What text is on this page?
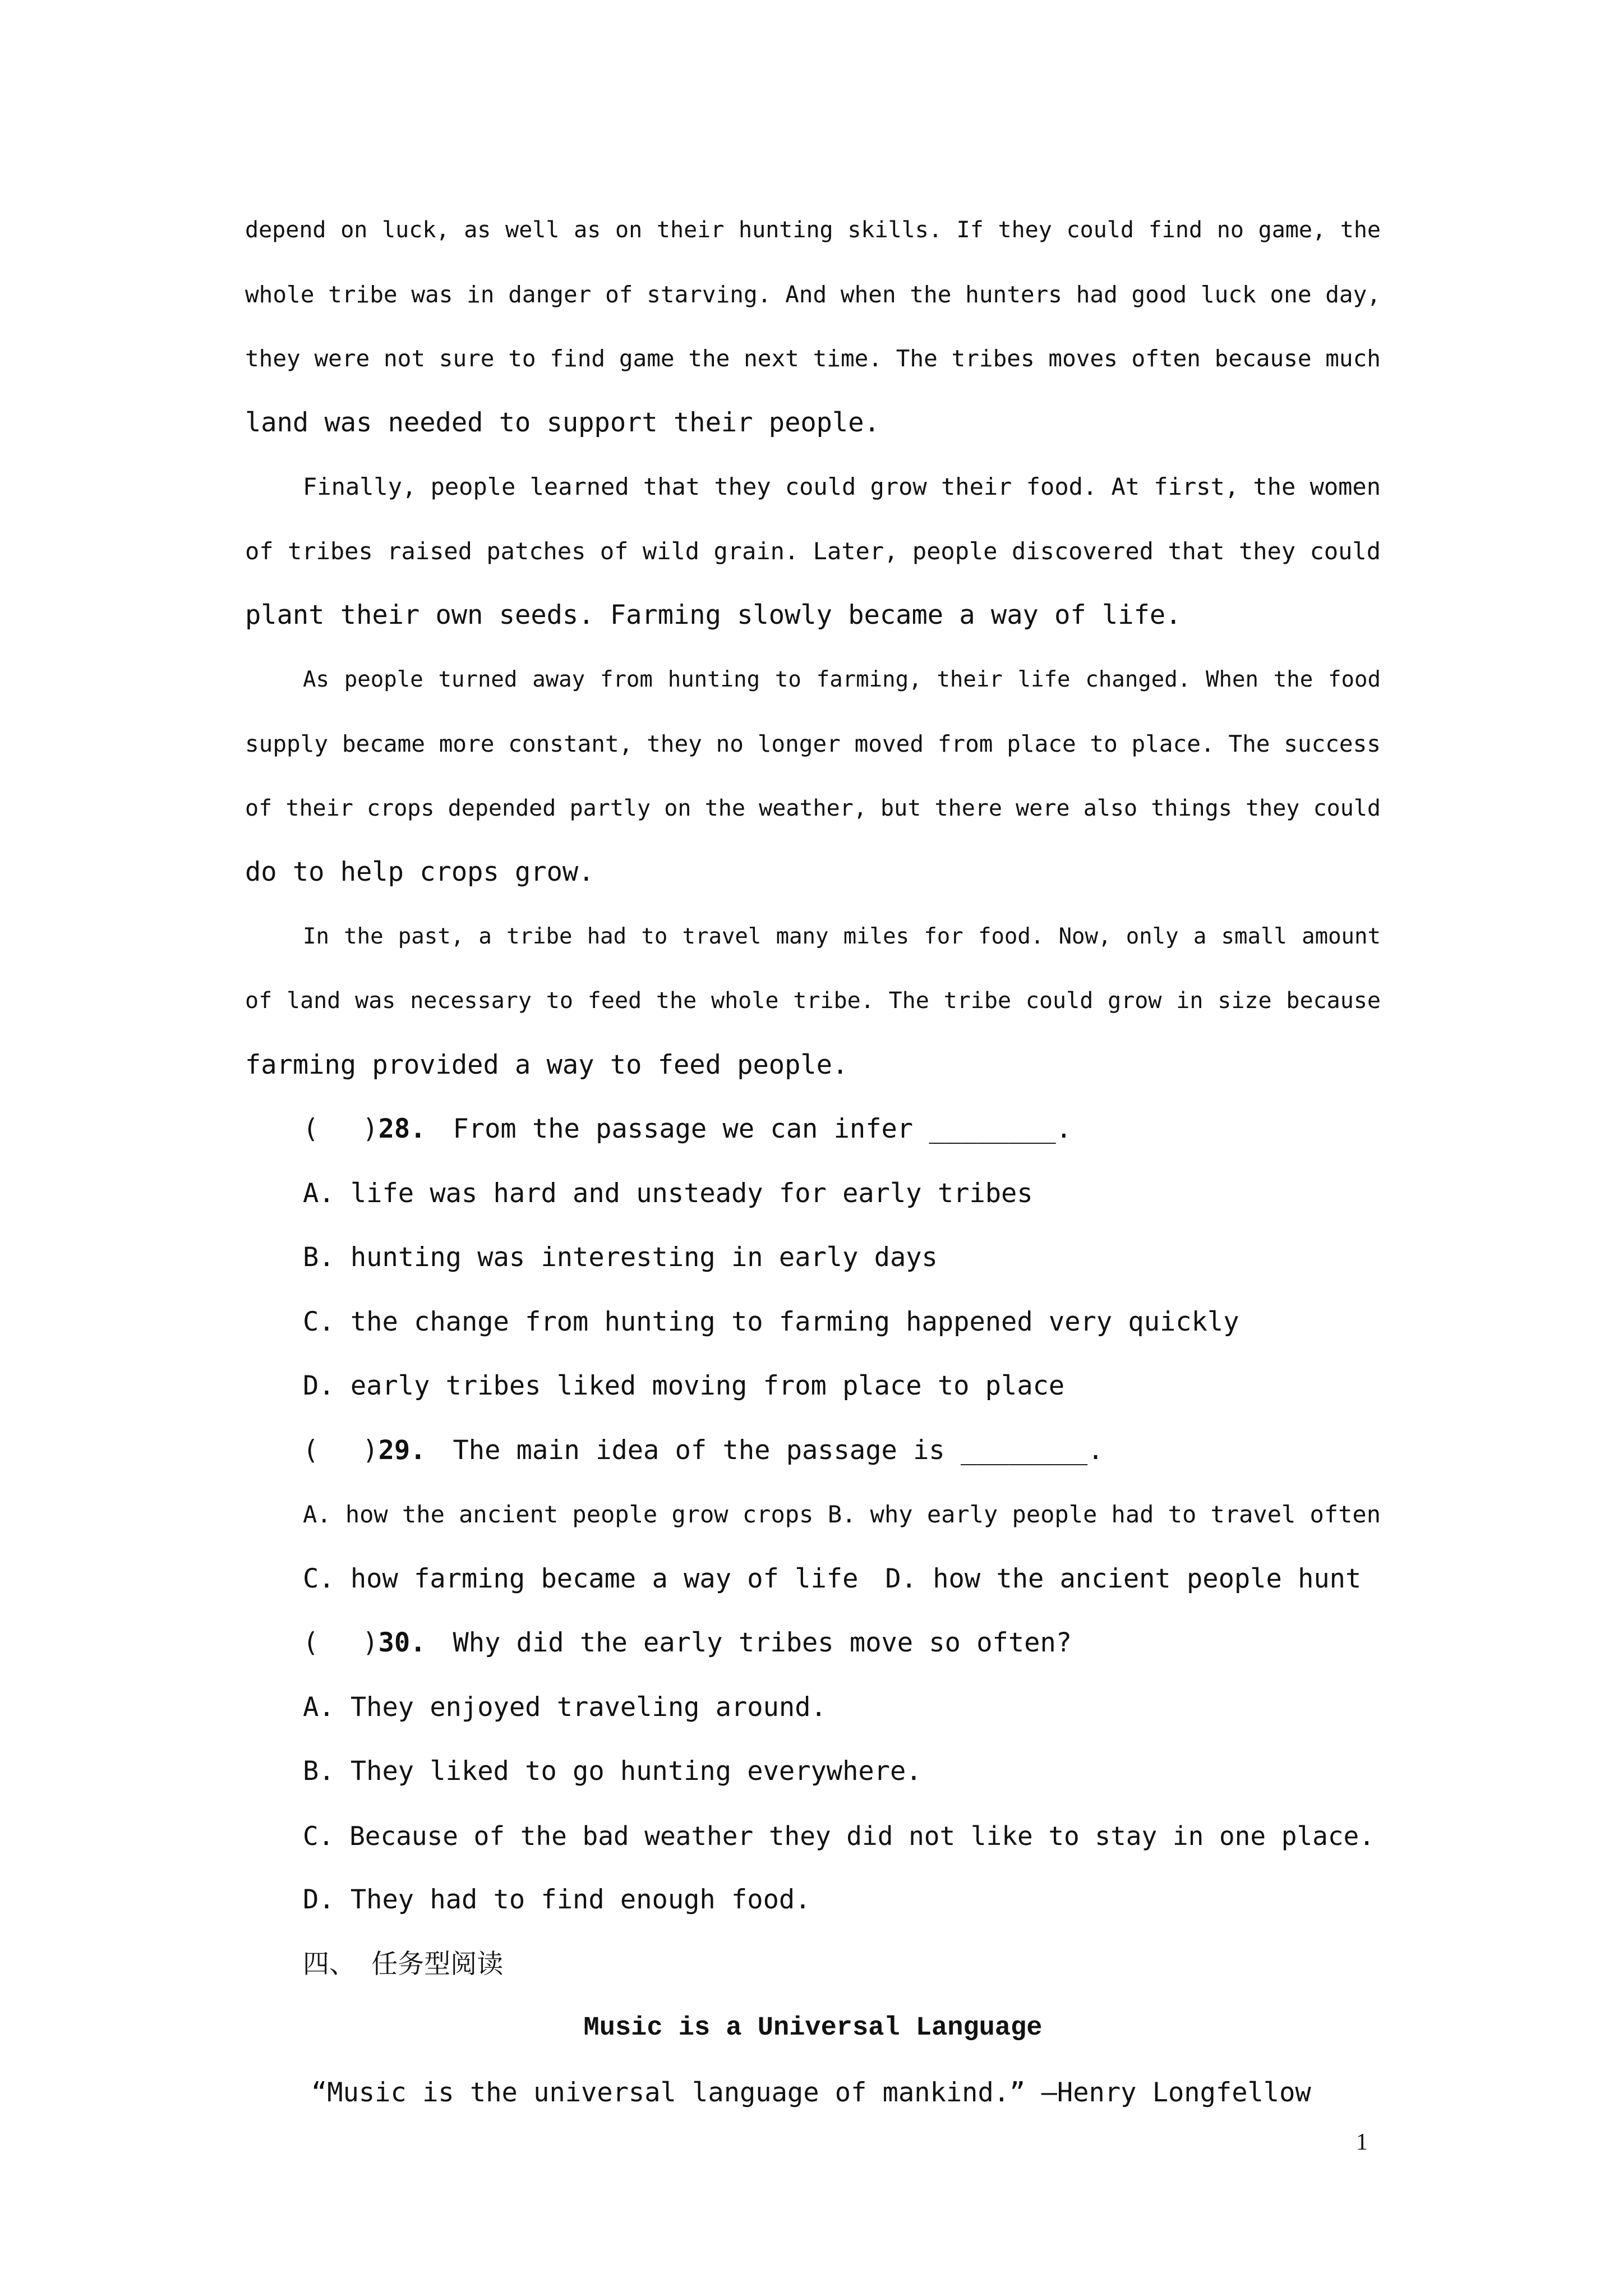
depend on luck, as well as on their hunting skills. If they could find no game, the
whole tribe was in danger of starving. And when the hunters had good luck one day,
they were not sure to find game the next time. The tribes moves often because much
land was needed to support their people.
Finally, people learned that they could grow their food. At first, the women
of tribes raised patches of wild grain. Later, people discovered that they could
plant their own seeds. Farming slowly became a way of life.
As people turned away from hunting to farming, their life changed. When the food
supply became more constant, they no longer moved from place to place. The success
of their crops depended partly on the weather, but there were also things they could
do to help crops grow.
In the past, a tribe had to travel many miles for food. Now, only a small amount
of land was necessary to feed the whole tribe. The tribe could grow in size because
farming provided a way to feed people.
( )28. From the passage we can infer ________.
A. life was hard and unsteady for early tribes
B. hunting was interesting in early days
C. the change from hunting to farming happened very quickly
D. early tribes liked moving from place to place
( )29. The main idea of the passage is ________.
A. how the ancient people grow crops B. why early people had to travel often
C. how farming became a way of life D. how the ancient people hunt
( )30. Why did the early tribes move so often?
A. They enjoyed traveling around.
B. They liked to go hunting everywhere.
C. Because of the bad weather they did not like to stay in one place.
D. They had to find enough food.
四、 任务型阅读
Music is a Universal Language
“Music is the universal language of mankind.” —Henry Longfellow
1
